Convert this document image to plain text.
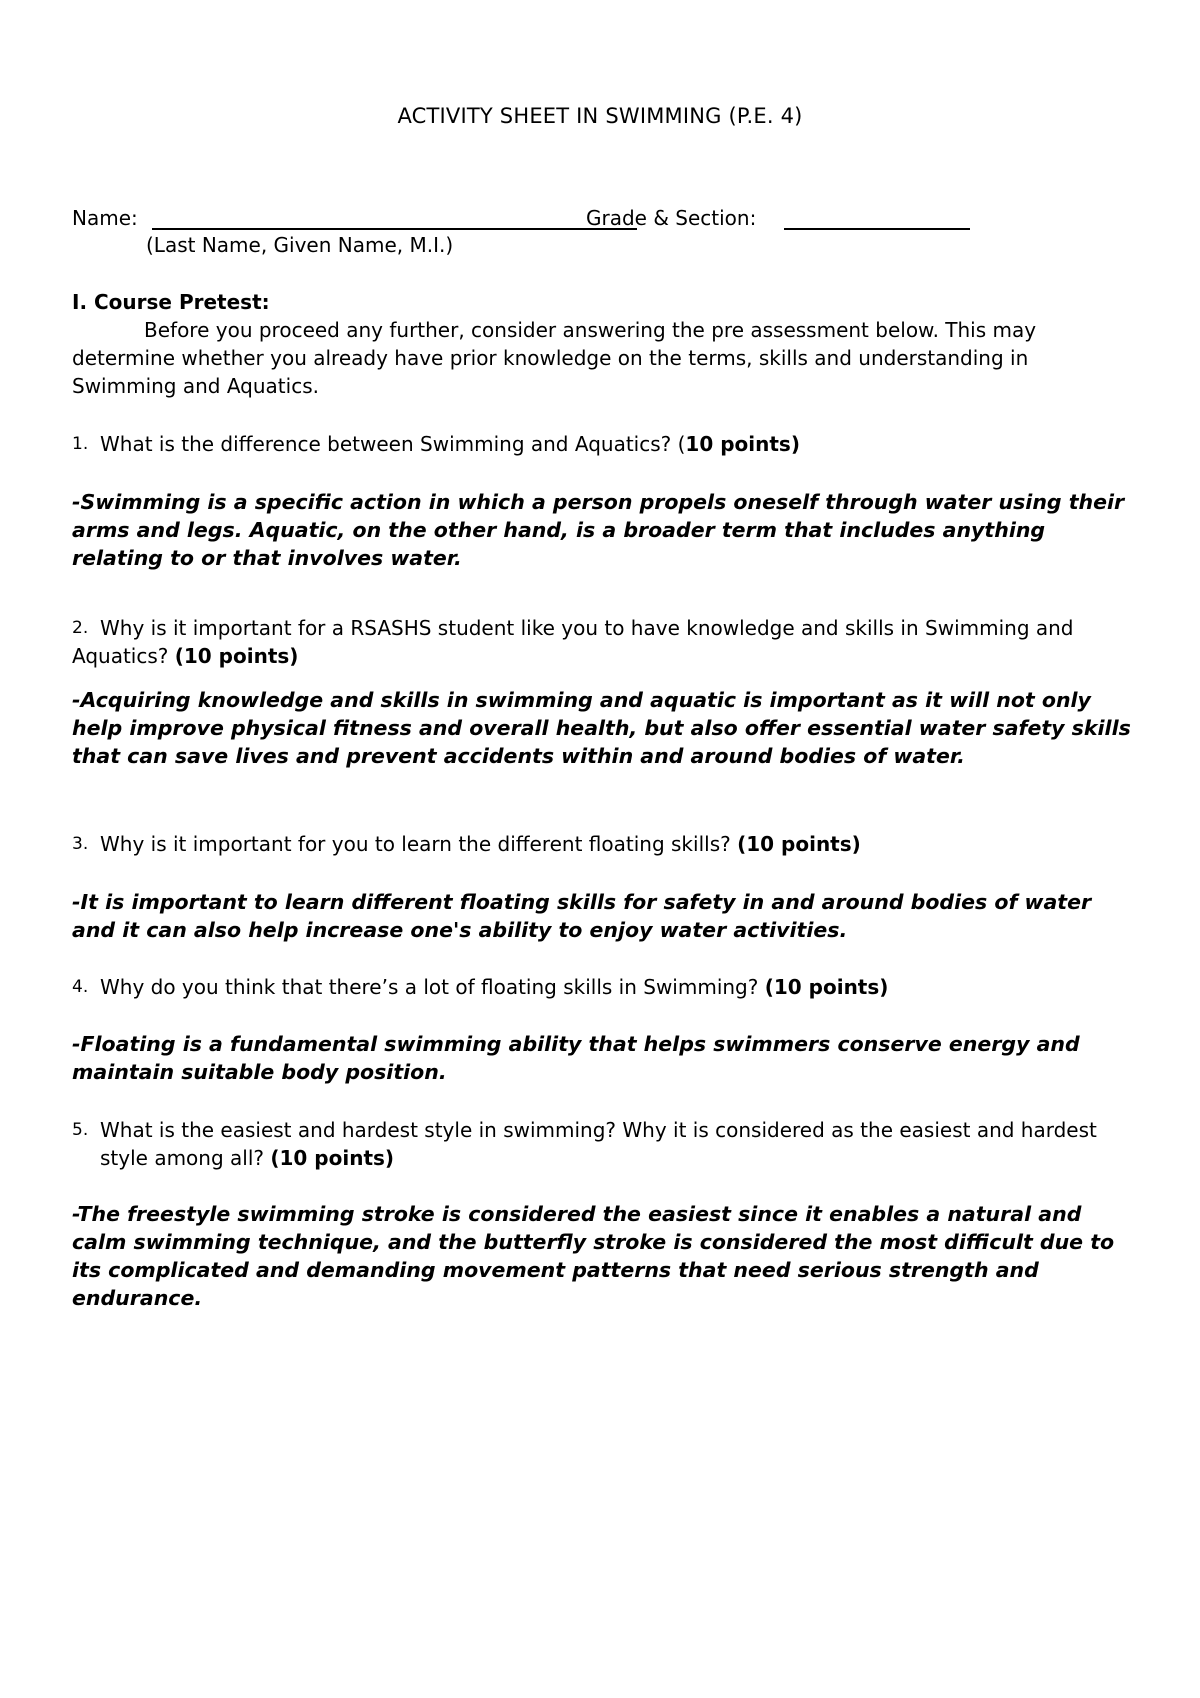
ACTIVITY SHEET IN SWIMMING (P.E. 4)
Name:	Grade & Section:
(Last Name, Given Name, M.I.)
I. Course Pretest:
Before you proceed any further, consider answering the pre assessment below. This may determine whether you already have prior knowledge on the terms, skills and understanding in Swimming and Aquatics.
1. What is the difference between Swimming and Aquatics? (10 points)
-Swimming is a specific action in which a person propels oneself through water using their arms and legs. Aquatic, on the other hand, is a broader term that includes anything relating to or that involves water.
2. Why is it important for a RSASHS student like you to have knowledge and skills in Swimming and Aquatics? (10 points)
-Acquiring knowledge and skills in swimming and aquatic is important as it will not only help improve physical fitness and overall health, but also offer essential water safety skills that can save lives and prevent accidents within and around bodies of water.
3. Why is it important for you to learn the different floating skills? (10 points)
-It is important to learn different floating skills for safety in and around bodies of water and it can also help increase one's ability to enjoy water activities.
4. Why do you think that there’s a lot of floating skills in Swimming? (10 points)
-Floating is a fundamental swimming ability that helps swimmers conserve energy and maintain suitable body position.
5. What is the easiest and hardest style in swimming? Why it is considered as the easiest and hardest style among all? (10 points)
-The freestyle swimming stroke is considered the easiest since it enables a natural and calm swimming technique, and the butterfly stroke is considered the most difficult due to its complicated and demanding movement patterns that need serious strength and endurance.
